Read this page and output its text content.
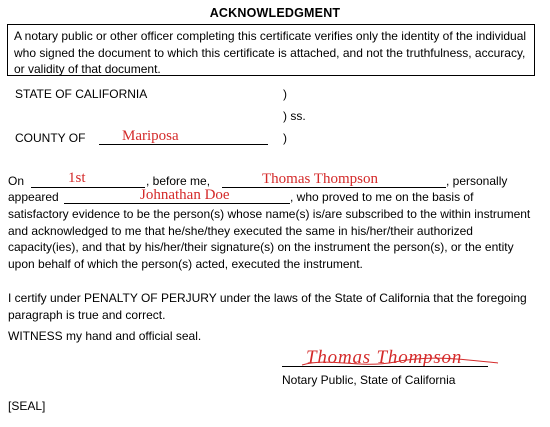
ACKNOWLEDGMENT
A notary public or other officer completing this certificate verifies only the identity of the individual who signed the document to which this certificate is attached, and not the truthfulness, accuracy, or validity of that document.
STATE OF CALIFORNIA	)
) ss.
COUNTY OF Mariposa	)
On	1st	, before me,	Thomas Thompson	, personally
appeared	Johnathan Doe	, who proved to me on the basis of
satisfactory evidence to be the person(s) whose name(s) is/are subscribed to the within instrument and acknowledged to me that he/she/they executed the same in his/her/their authorized capacity(ies), and that by his/her/their signature(s) on the instrument the person(s), or the entity upon behalf of which the person(s) acted, executed the instrument.
I certify under PENALTY OF PERJURY under the laws of the State of California that the foregoing paragraph is true and correct.
WITNESS my hand and official seal.
Thomas Thompson
Notary Public, State of California
[SEAL]
